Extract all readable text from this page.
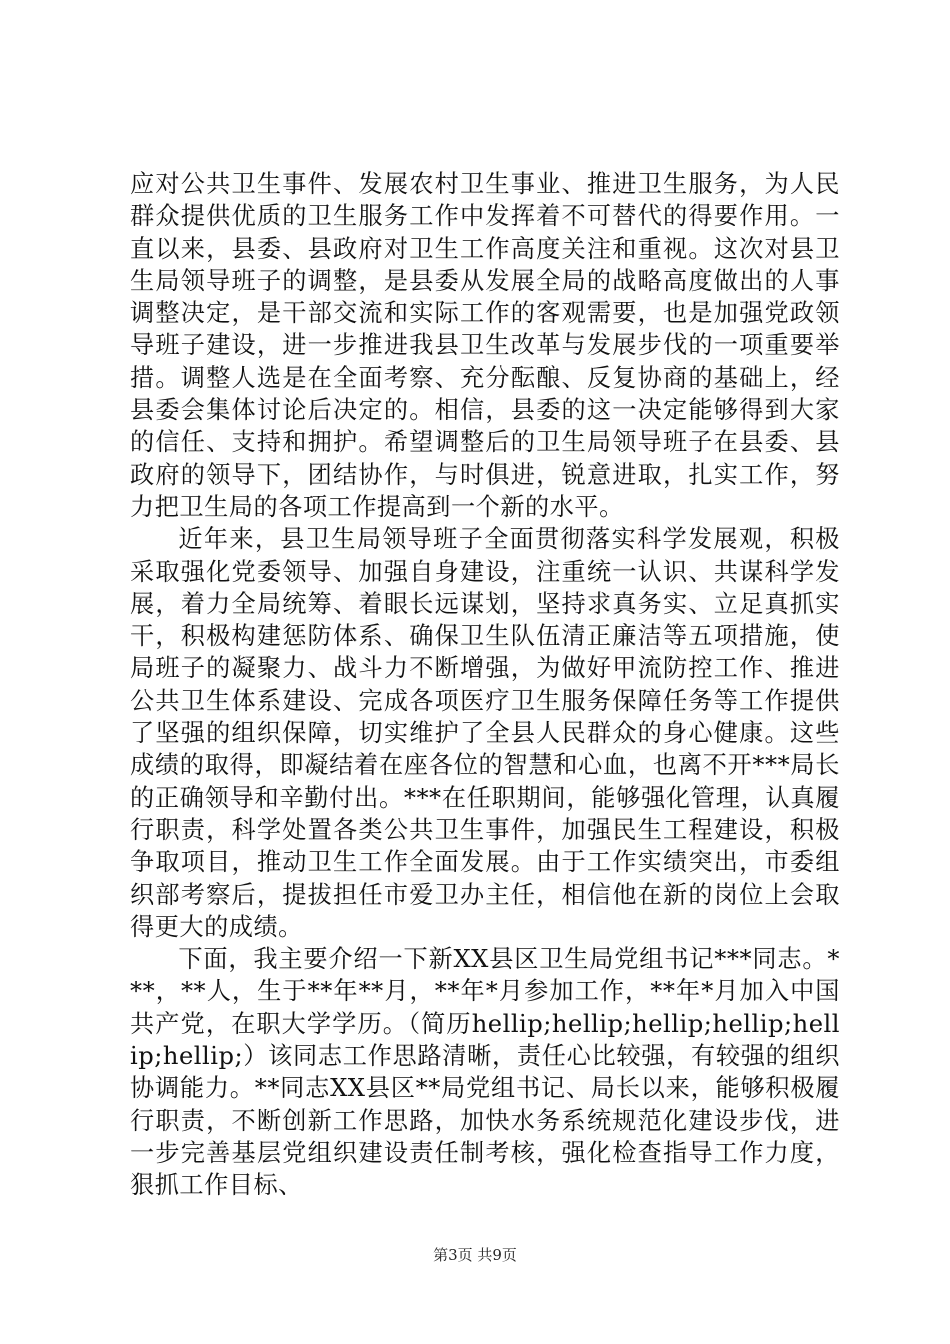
应对公共卫生事件、发展农村卫生事业、推进卫生服务，为人民群众提供优质的卫生服务工作中发挥着不可替代的得要作用。一直以来，县委、县政府对卫生工作高度关注和重视。这次对县卫生局领导班子的调整，是县委从发展全局的战略高度做出的人事调整决定，是干部交流和实际工作的客观需要，也是加强党政领导班子建设，进一步推进我县卫生改革与发展步伐的一项重要举措。调整人选是在全面考察、充分酝酿、反复协商的基础上，经县委会集体讨论后决定的。相信，县委的这一决定能够得到大家的信任、支持和拥护。希望调整后的卫生局领导班子在县委、县政府的领导下，团结协作，与时俱进，锐意进取，扎实工作，努力把卫生局的各项工作提高到一个新的水平。

近年来，县卫生局领导班子全面贯彻落实科学发展观，积极采取强化党委领导、加强自身建设，注重统一认识、共谋科学发展，着力全局统筹、着眼长远谋划，坚持求真务实、立足真抓实干，积极构建惩防体系、确保卫生队伍清正廉洁等五项措施，使局班子的凝聚力、战斗力不断增强，为做好甲流防控工作、推进公共卫生体系建设、完成各项医疗卫生服务保障任务等工作提供了坚强的组织保障，切实维护了全县人民群众的身心健康。这些成绩的取得，即凝结着在座各位的智慧和心血，也离不开***局长的正确领导和辛勤付出。***在任职期间，能够强化管理，认真履行职责，科学处置各类公共卫生事件，加强民生工程建设，积极争取项目，推动卫生工作全面发展。由于工作实绩突出，市委组织部考察后，提拔担任市爱卫办主任，相信他在新的岗位上会取得更大的成绩。

下面，我主要介绍一下新XX县区卫生局党组书记***同志。***，**人，生于**年**月，**年*月参加工作，**年*月加入中国共产党，在职大学学历。（简历hellip;hellip;hellip;hellip;hellip;hellip;）该同志工作思路清晰，责任心比较强，有较强的组织协调能力。**同志XX县区**局党组书记、局长以来，能够积极履行职责，不断创新工作思路，加快水务系统规范化建设步伐，进一步完善基层党组织建设责任制考核，强化检查指导工作力度，狠抓工作目标、

第3页 共9页
